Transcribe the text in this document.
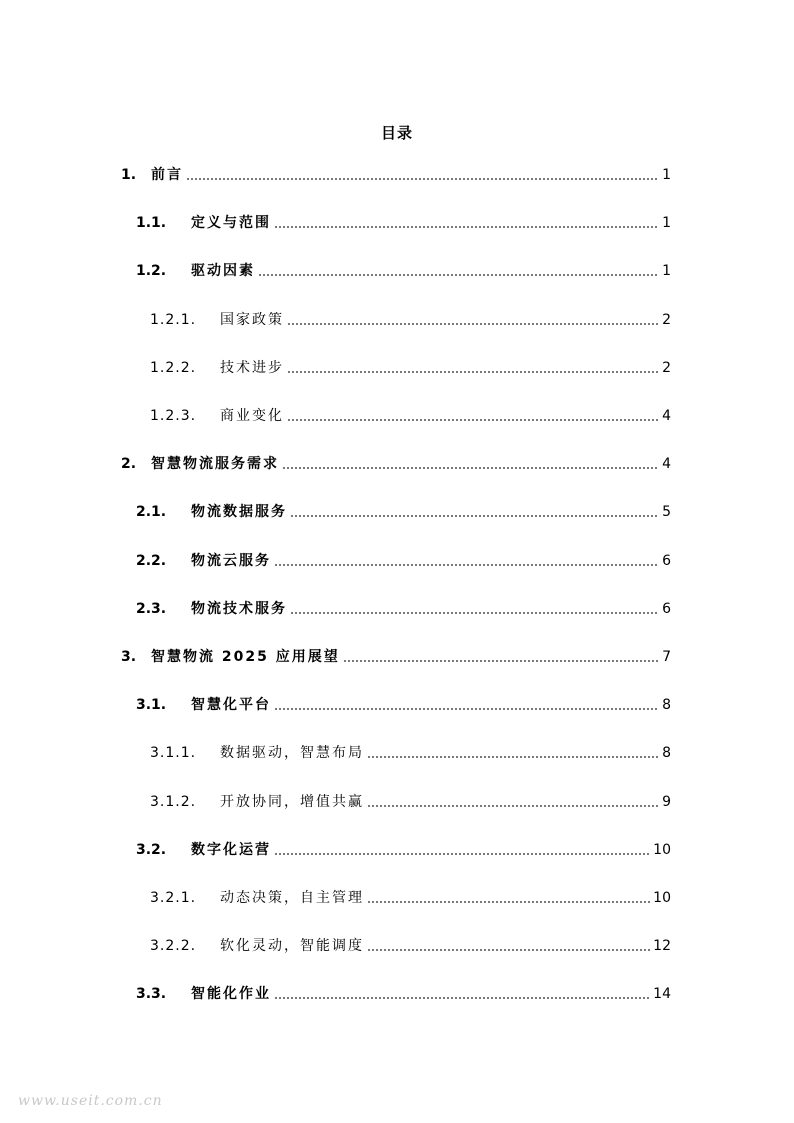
目录
1.	前言	1
1.1.	定义与范围	1
1.2.	驱动因素	1
1.2.1.	国家政策	2
1.2.2.	技术进步	2
1.2.3.	商业变化	4
2.	智慧物流服务需求	4
2.1.	物流数据服务	5
2.2.	物流云服务	6
2.3.	物流技术服务	6
3.	智慧物流 2025 应用展望	7
3.1.	智慧化平台	8
3.1.1.	数据驱动，智慧布局	8
3.1.2.	开放协同，增值共赢	9
3.2.	数字化运营	10
3.2.1.	动态决策，自主管理	10
3.2.2.	软化灵动，智能调度	12
3.3.	智能化作业	14
www.useit.com.cn
